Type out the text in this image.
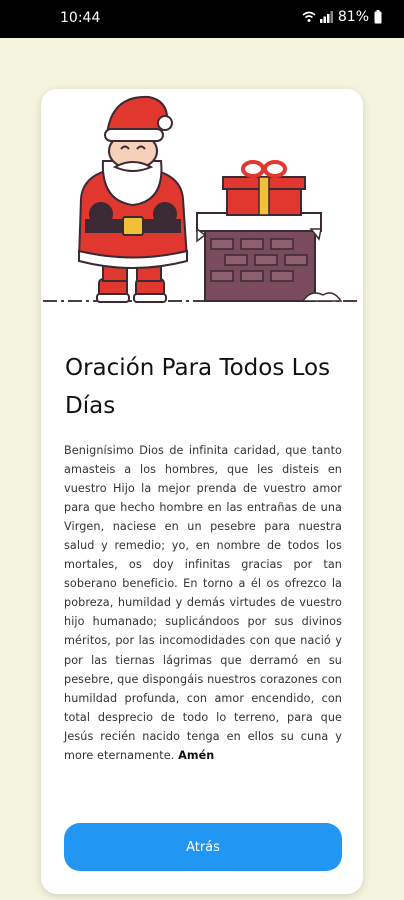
10:44	81%
Oración Para Todos Los Días

Benignísimo Dios de infinita caridad, que tanto amasteis a los hombres, que les disteis en vuestro Hijo la mejor prenda de vuestro amor para que hecho hombre en las entrañas de una Virgen, naciese en un pesebre para nuestra salud y remedio; yo, en nombre de todos los mortales, os doy infinitas gracias por tan soberano beneficio. En torno a él os ofrezco la pobreza, humildad y demás virtudes de vuestro hijo humanado; suplicándoos por sus divinos méritos, por las incomodidades con que nació y por las tiernas lágrimas que derramó en su pesebre, que dispongáis nuestros corazones con humildad profunda, con amor encendido, con total desprecio de todo lo terreno, para que Jesús recién nacido tenga en ellos su cuna y more eternamente. Amén

Atrás
